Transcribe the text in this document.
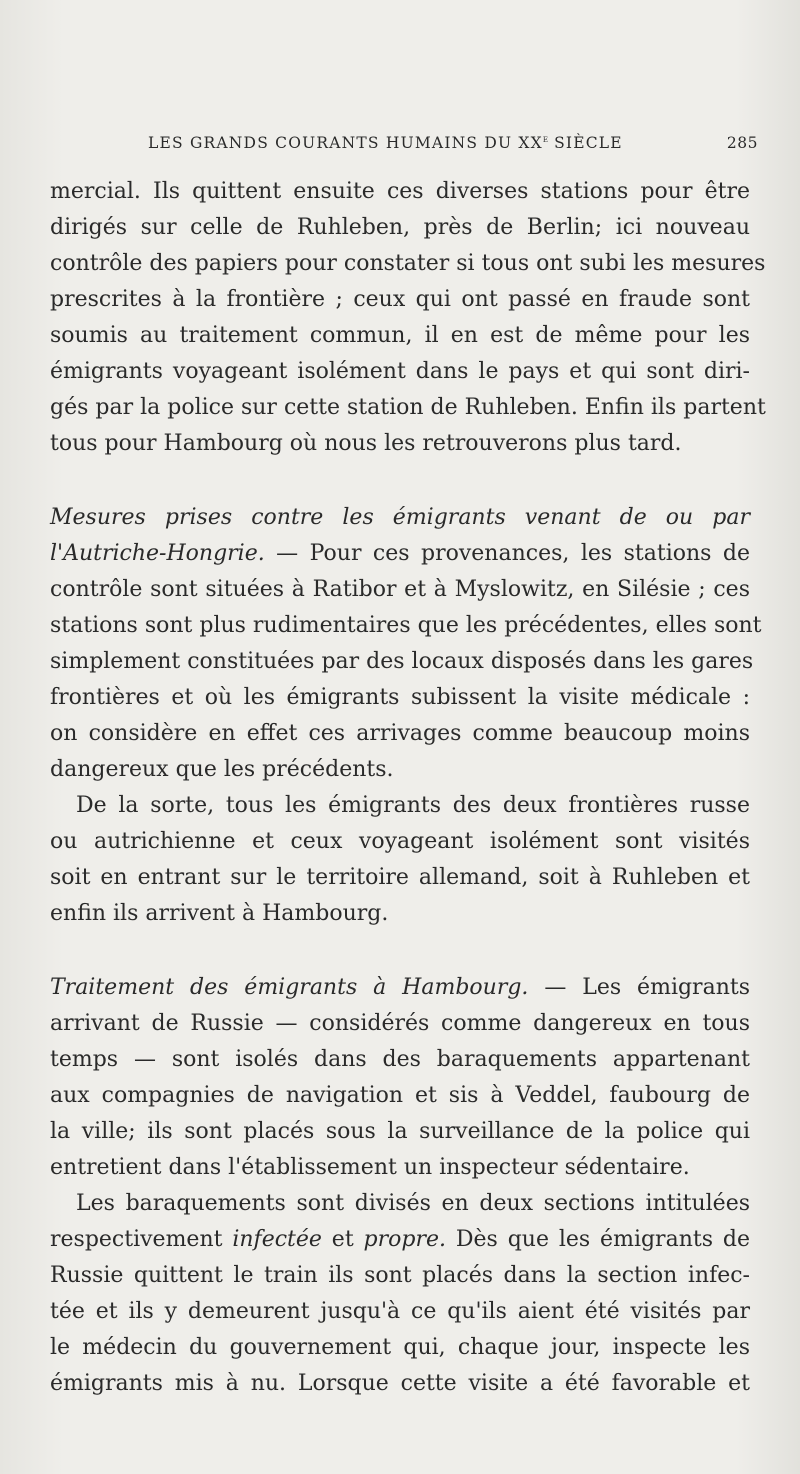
LES GRANDS COURANTS HUMAINS DU XXe SIÈCLE	285
mercial. Ils quittent ensuite ces diverses stations pour être
dirigés sur celle de Ruhleben, près de Berlin; ici nouveau
contrôle des papiers pour constater si tous ont subi les mesures
prescrites à la frontière ; ceux qui ont passé en fraude sont
soumis au traitement commun, il en est de même pour les
émigrants voyageant isolément dans le pays et qui sont diri-
gés par la police sur cette station de Ruhleben. Enfin ils partent
tous pour Hambourg où nous les retrouverons plus tard.
Mesures prises contre les émigrants venant de ou par
l'Autriche-Hongrie. — Pour ces provenances, les stations de
contrôle sont situées à Ratibor et à Myslowitz, en Silésie ; ces
stations sont plus rudimentaires que les précédentes, elles sont
simplement constituées par des locaux disposés dans les gares
frontières et où les émigrants subissent la visite médicale :
on considère en effet ces arrivages comme beaucoup moins
dangereux que les précédents.
De la sorte, tous les émigrants des deux frontières russe
ou autrichienne et ceux voyageant isolément sont visités
soit en entrant sur le territoire allemand, soit à Ruhleben et
enfin ils arrivent à Hambourg.
Traitement des émigrants à Hambourg. — Les émigrants
arrivant de Russie — considérés comme dangereux en tous
temps — sont isolés dans des baraquements appartenant
aux compagnies de navigation et sis à Veddel, faubourg de
la ville; ils sont placés sous la surveillance de la police qui
entretient dans l'établissement un inspecteur sédentaire.
Les baraquements sont divisés en deux sections intitulées
respectivement infectée et propre. Dès que les émigrants de
Russie quittent le train ils sont placés dans la section infec-
tée et ils y demeurent jusqu'à ce qu'ils aient été visités par
le médecin du gouvernement qui, chaque jour, inspecte les
émigrants mis à nu. Lorsque cette visite a été favorable et
